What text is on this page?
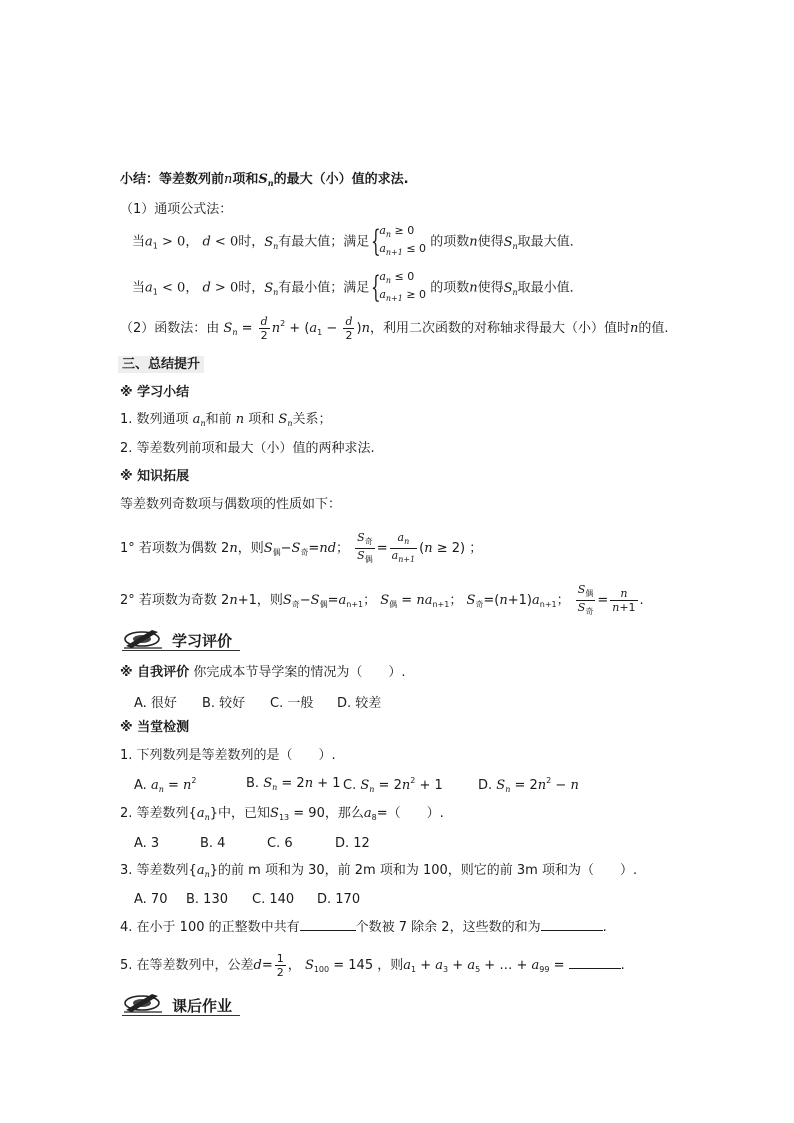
小结：等差数列前n项和$S_n$的最大（小）值的求法.
（1）通项公式法：
当$a_1 > 0$， d < 0时，$S_n$有最大值；满足{$a_n \ge 0$
$a_{n+1} \le 0$ 的项数n使得$S_n$取最大值．
当$a_1 < 0$， d > 0时，$S_n$有最小值；满足{$a_n \le 0$
$a_{n+1} \ge 0$ 的项数n使得$S_n$取最小值．
（2）函数法：由 $S_n = \frac{d}{2} n^2 + (a_1 - \frac{d}{2} )n$，利用二次函数的对称轴求得最大（小）值时n的值.
三、总结提升
※ 学习小结
1. 数列通项 $a_n$和前 n 项和 $S_n$关系；
2. 等差数列前项和最大（小）值的两种求法.
※ 知识拓展
等差数列奇数项与偶数项的性质如下：
1° 若项数为偶数 2n，则$S_偶-S_奇=nd$； $\frac{S_奇}{S_偶} = \frac{a_n}{a_{n+1}} (n \ge 2)$ ；
2° 若项数为奇数 2n+1，则$S_奇-S_偶=a_{n+1}$； $S_偶 = na_{n+1}$； $S_奇=(n+1)a_{n+1}$； $\frac{S_偶}{S_奇} = \frac{n}{n+1}$ .
学习评价
※ 自我评价 你完成本节导学案的情况为（　　）.
A. 很好 B. 较好 C. 一般 D. 较差
※ 当堂检测
1. 下列数列是等差数列的是（　　）.
A. $a_n = n^2$	B. $S_n = 2n + 1$ C. $S_n = 2n^2 + 1$	D. $S_n = 2n^2 - n$
2. 等差数列$\{a_n\}$中，已知$S_{13} = 90$，那么$a_8=$（　　）.
A. 3	B. 4	C. 6	D. 12
3. 等差数列$\{a_n\}$的前 m 项和为 30，前 2m 项和为 100，则它的前 3m 项和为（　　）.
A. 70 B. 130 C. 140 D. 170
4. 在小于 100 的正整数中共有	个数被 7 除余 2，这些数的和为	.
5. 在等差数列中，公差$d= \frac{1}{2}$ ， $S_{100} = 145$ ，则$a_1 + a_3 + a_5$ + … + $a_{99}$ =	.
课后作业
